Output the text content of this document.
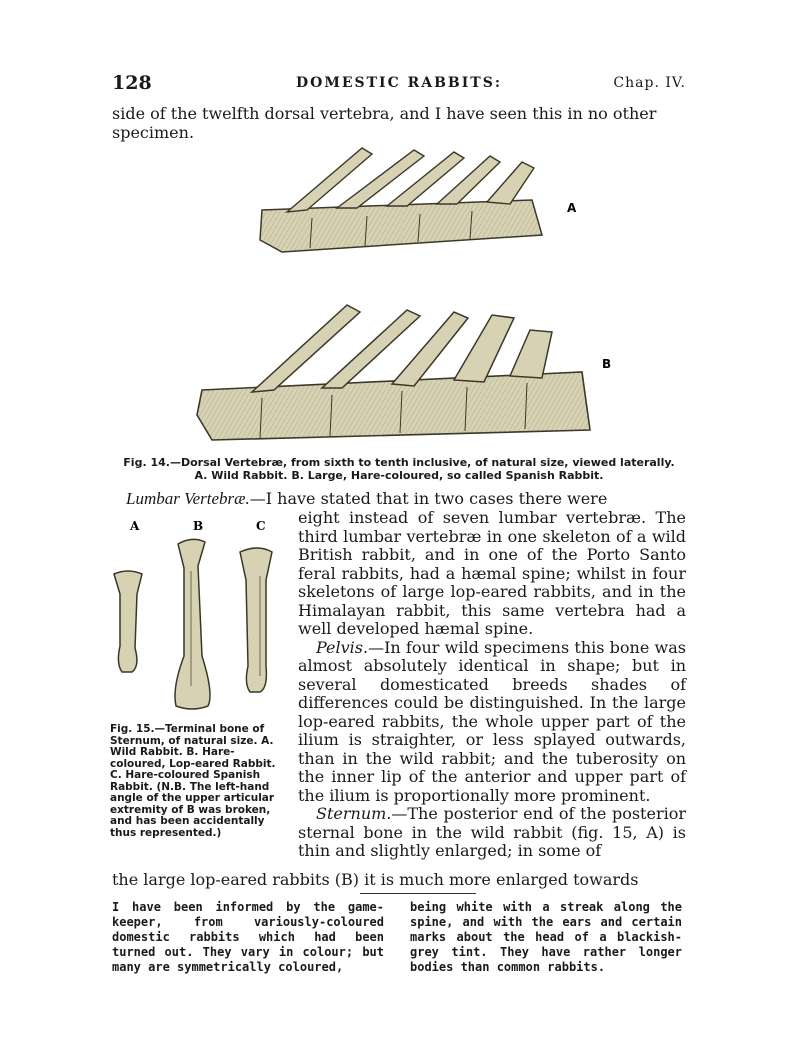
128	DOMESTIC RABBITS:	Chap. IV.
side of the twelfth dorsal vertebra, and I have seen this in no other specimen.
A
B
Fig. 14.—Dorsal Vertebræ, from sixth to tenth inclusive, of natural size, viewed laterally. A. Wild Rabbit. B. Large, Hare-coloured, so called Spanish Rabbit.
Lumbar Vertebræ.—I have stated that in two cases there were

eight instead of seven lumbar vertebræ. The third lumbar vertebræ in one skeleton of a wild British rabbit, and in one of the Porto Santo feral rabbits, had a hæmal spine; whilst in four skeletons of large lop-eared rabbits, and in the Himalayan rabbit, this same vertebra had a well developed hæmal spine.

Pelvis.—In four wild specimens this bone was almost absolutely identical in shape; but in several domesticated breeds shades of differences could be distinguished. In the large lop-eared rabbits, the whole upper part of the ilium is straighter, or less splayed outwards, than in the wild rabbit; and the tuberosity on the inner lip of the anterior and upper part of the ilium is proportionally more prominent.

Sternum.—The posterior end of the posterior sternal bone in the wild rabbit (fig. 15, A) is thin and slightly enlarged; in some of

A	B	C
Fig. 15.—Terminal bone of Sternum, of natural size. A. Wild Rabbit. B. Hare-coloured, Lop-eared Rabbit. C. Hare-coloured Spanish Rabbit. (N.B. The left-hand angle of the upper articular extremity of B was broken, and has been accidentally thus represented.)
the large lop-eared rabbits (B) it is much more enlarged towards
I have been informed by the game-keeper, from variously-coloured domestic rabbits which had been turned out. They vary in colour; but many are symmetrically coloured,
being white with a streak along the spine, and with the ears and certain marks about the head of a blackish-grey tint. They have rather longer bodies than common rabbits.
